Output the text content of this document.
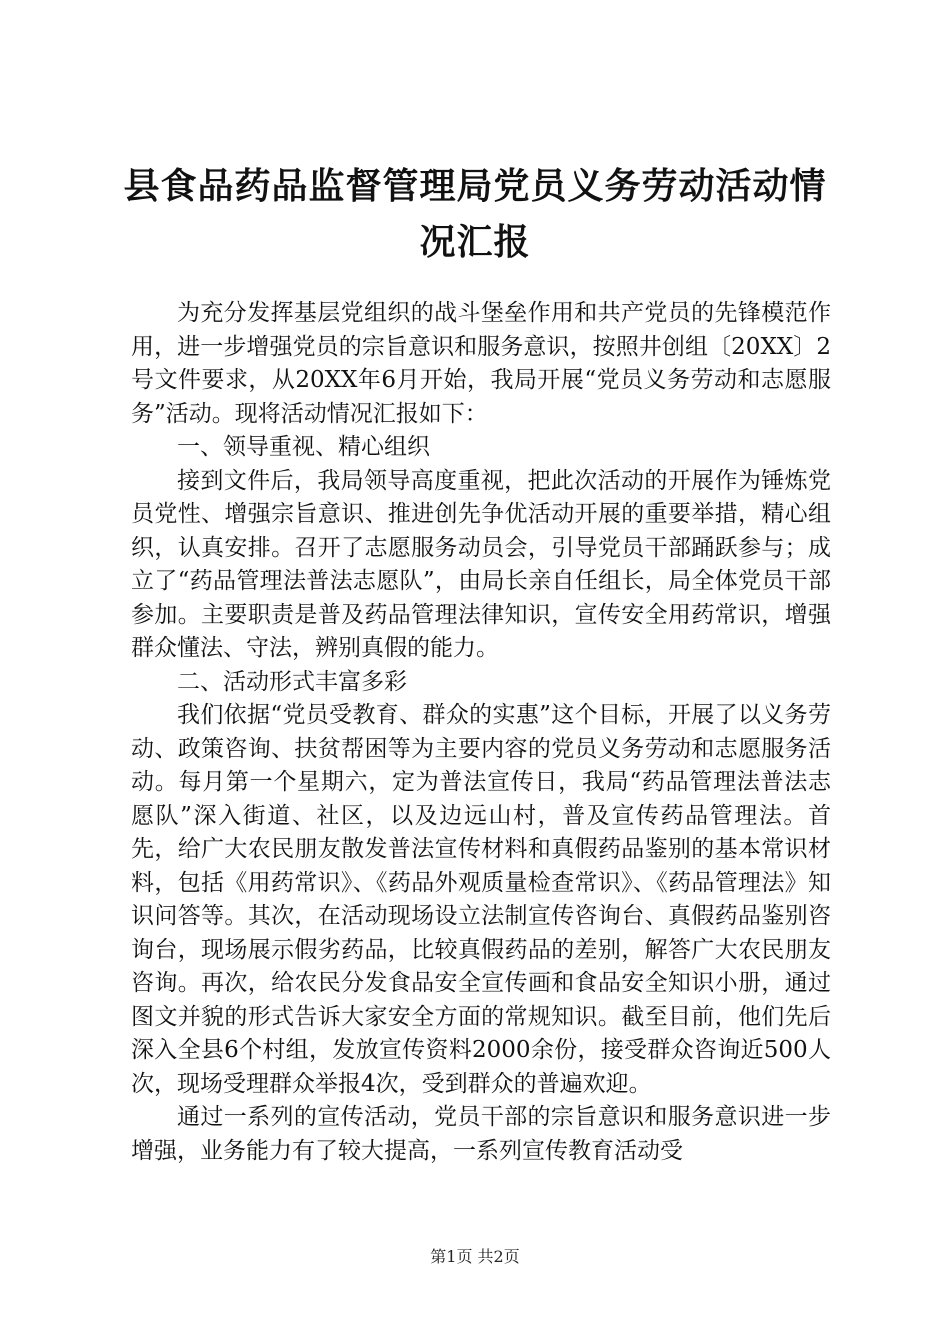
县食品药品监督管理局党员义务劳动活动情况汇报

为充分发挥基层党组织的战斗堡垒作用和共产党员的先锋模范作用，进一步增强党员的宗旨意识和服务意识，按照井创组〔20XX〕2号文件要求，从20XX年6月开始，我局开展“党员义务劳动和志愿服务”活动。现将活动情况汇报如下：

一、领导重视、精心组织

接到文件后，我局领导高度重视，把此次活动的开展作为锤炼党员党性、增强宗旨意识、推进创先争优活动开展的重要举措，精心组织，认真安排。召开了志愿服务动员会，引导党员干部踊跃参与；成立了“药品管理法普法志愿队”，由局长亲自任组长，局全体党员干部参加。主要职责是普及药品管理法律知识，宣传安全用药常识，增强群众懂法、守法，辨别真假的能力。

二、活动形式丰富多彩

我们依据“党员受教育、群众的实惠”这个目标，开展了以义务劳动、政策咨询、扶贫帮困等为主要内容的党员义务劳动和志愿服务活动。每月第一个星期六，定为普法宣传日，我局“药品管理法普法志愿队”深入街道、社区，以及边远山村，普及宣传药品管理法。首先，给广大农民朋友散发普法宣传材料和真假药品鉴别的基本常识材料，包括《用药常识》、《药品外观质量检查常识》、《药品管理法》知识问答等。其次，在活动现场设立法制宣传咨询台、真假药品鉴别咨询台，现场展示假劣药品，比较真假药品的差别，解答广大农民朋友咨询。再次，给农民分发食品安全宣传画和食品安全知识小册，通过图文并貌的形式告诉大家安全方面的常规知识。截至目前，他们先后深入全县6个村组，发放宣传资料2000余份，接受群众咨询近500人次，现场受理群众举报4次，受到群众的普遍欢迎。

通过一系列的宣传活动，党员干部的宗旨意识和服务意识进一步增强，业务能力有了较大提高，一系列宣传教育活动受

第1页 共2页
